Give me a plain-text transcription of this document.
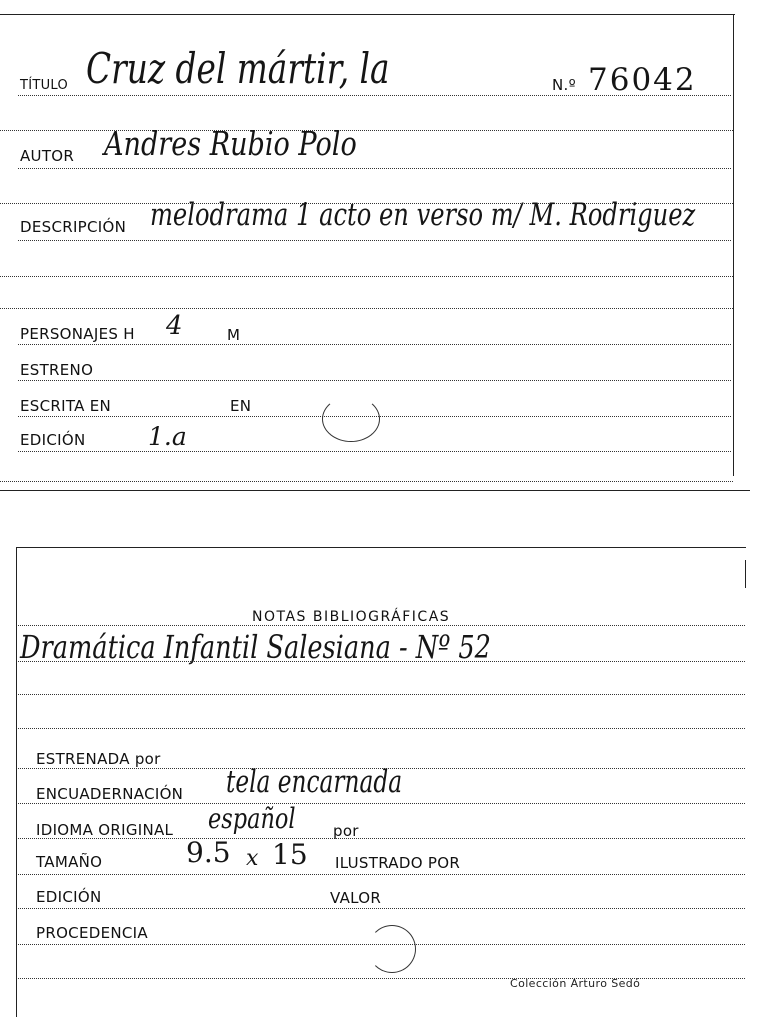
TÍTULO Cruz del mártir, la	N.º 76042
AUTOR Andres Rubio Polo
DESCRIPCIÓN melodrama 1 acto en verso m/ M. Rodriguez
PERSONAJES H 4	M
ESTRENO
ESCRITA EN	EN
EDICIÓN	1.a
NOTAS BIBLIOGRÁFICAS
Dramática Infantil Salesiana - Nº 52
ESTRENADA por
ENCUADERNACIÓN tela encarnada
IDIOMA ORIGINAL español por
TAMAÑO	9.5 x 15 ILUSTRADO POR
EDICIÓN	VALOR
PROCEDENCIA
Colección Arturo Sedó
